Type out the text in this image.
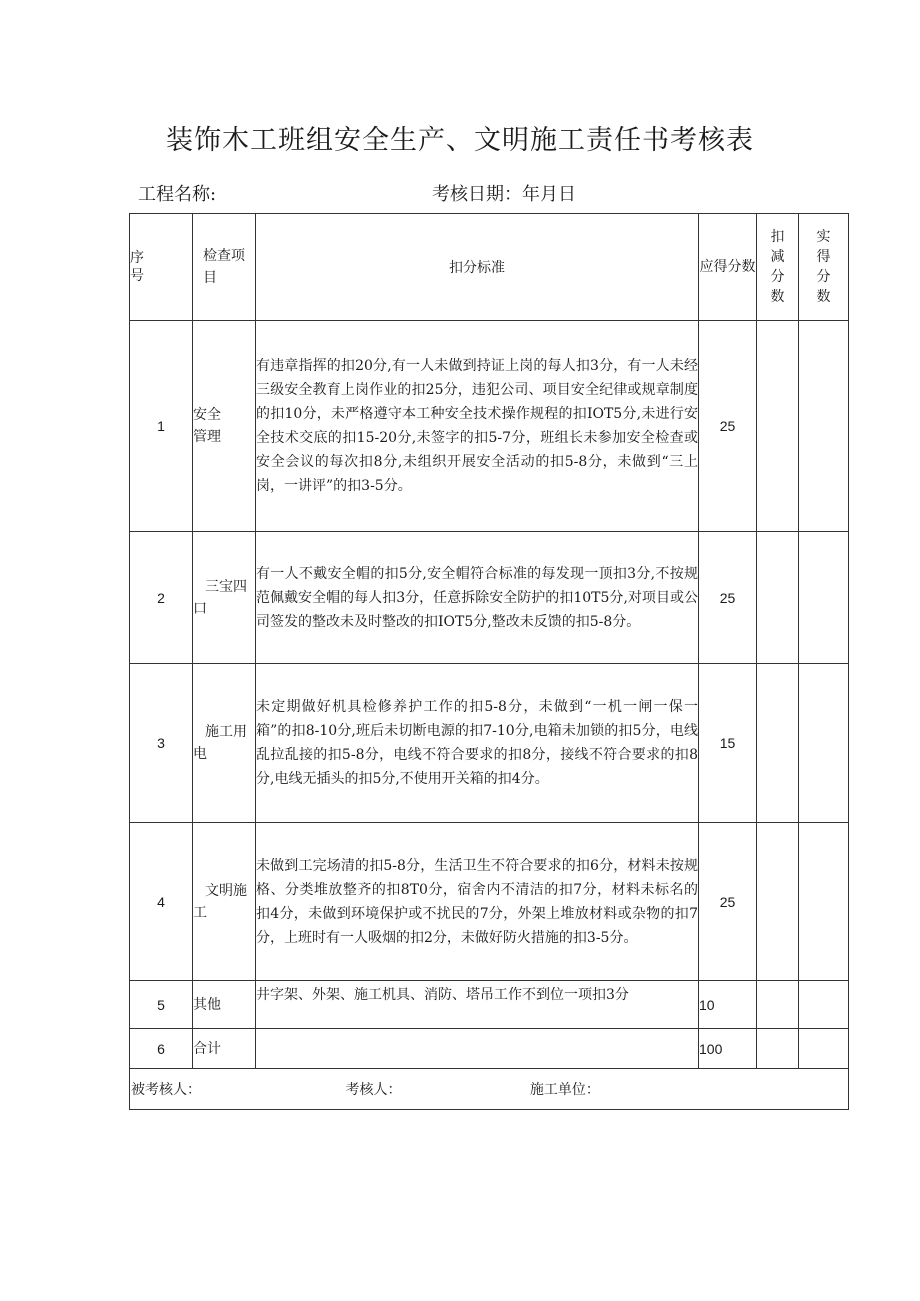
装饰木工班组安全生产、文明施工责任书考核表
工程名称:	考核日期：年月日
序号	检查项目	扣分标准	应得分数	扣减分数	实得分数

1	安全管理	有违章指挥的扣20分,有一人未做到持证上岗的每人扣3分，有一人未经三级安全教育上岗作业的扣25分，违犯公司、项目安全纪律或规章制度的扣10分，未严格遵守本工种安全技术操作规程的扣IOT5分,未进行安全技术交底的扣15-20分,未签字的扣5-7分，班组长未参加安全检查或安全会议的每次扣8分,未组织开展安全活动的扣5-8分，未做到“三上岗，一讲评”的扣3-5分。	25		
2	三宝四口	有一人不戴安全帽的扣5分,安全帽符合标准的每发现一顶扣3分,不按规范佩戴安全帽的每人扣3分，任意拆除安全防护的扣10T5分,对项目或公司签发的整改未及时整改的扣IOT5分,整改未反馈的扣5-8分。	25		
3	施工用电	未定期做好机具检修养护工作的扣5-8分，未做到“一机一闸一保一箱”的扣8-10分,班后未切断电源的扣7-10分,电箱未加锁的扣5分，电线乱拉乱接的扣5-8分，电线不符合要求的扣8分，接线不符合要求的扣8分,电线无插头的扣5分,不使用开关箱的扣4分。	15		
4	文明施工	未做到工完场清的扣5-8分，生活卫生不符合要求的扣6分，材料未按规格、分类堆放整齐的扣8T0分，宿舍内不清洁的扣7分，材料未标名的扣4分，未做到环境保护或不扰民的7分，外架上堆放材料或杂物的扣7分，上班时有一人吸烟的扣2分，未做好防火措施的扣3-5分。	25		
5	其他	井字架、外架、施工机具、消防、塔吊工作不到位一项扣3分	10		
6	合计		100		
被考核人： 考核人： 施工单位：					
